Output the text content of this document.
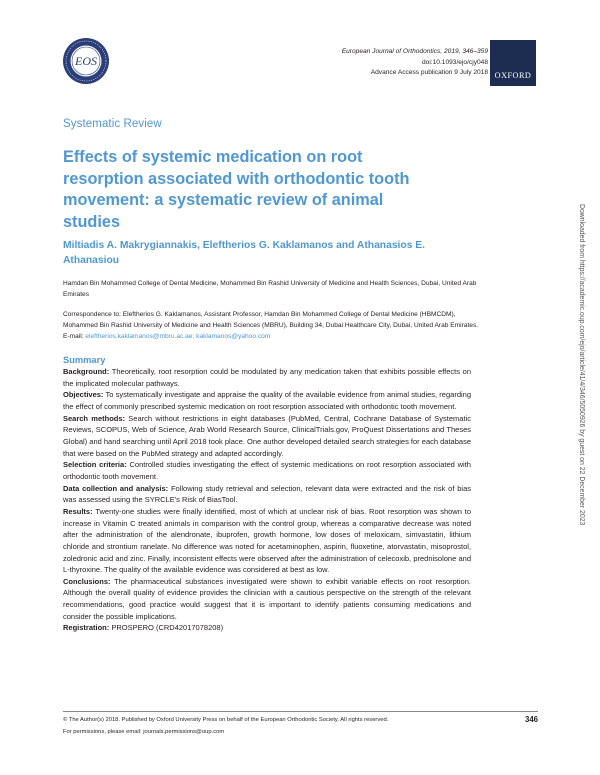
EOS
European Journal of Orthodontics, 2019, 346–359
doi:10.1093/ejo/cjy048
Advance Access publication 9 July 2018 OXFORD
Systematic Review
Effects of systemic medication on root resorption associated with orthodontic tooth movement: a systematic review of animal studies

Miltiadis A. Makrygiannakis, Eleftherios G. Kaklamanos and Athanasios E. Athanasiou

Hamdan Bin Mohammed College of Dental Medicine, Mohammed Bin Rashid University of Medicine and Health Sciences, Dubai, United Arab Emirates

Correspondence to: Eleftherios G. Kaklamanos, Assistant Professor, Hamdan Bin Mohammed College of Dental Medicine (HBMCDM), Mohammed Bin Rashid University of Medicine and Health Sciences (MBRU), Building 34, Dubai Healthcare City, Dubai, United Arab Emirates. E-mail: eleftherios.kaklamanos@mbru.ac.ae; kaklamanos@yahoo.com

Summary

Background: Theoretically, root resorption could be modulated by any medication taken that exhibits possible effects on the implicated molecular pathways.

Objectives: To systematically investigate and appraise the quality of the available evidence from animal studies, regarding the effect of commonly prescribed systemic medication on root resorption associated with orthodontic tooth movement.

Search methods: Search without restrictions in eight databases (PubMed, Central, Cochrane Database of Systematic Reviews, SCOPUS, Web of Science, Arab World Research Source, ClinicalTrials.gov, ProQuest Dissertations and Theses Global) and hand searching until April 2018 took place. One author developed detailed search strategies for each database that were based on the PubMed strategy and adapted accordingly.

Selection criteria: Controlled studies investigating the effect of systemic medications on root resorption associated with orthodontic tooth movement.

Data collection and analysis: Following study retrieval and selection, relevant data were extracted and the risk of bias was assessed using the SYRCLE's Risk of BiasTool.

Results: Twenty-one studies were finally identified, most of which at unclear risk of bias. Root resorption was shown to increase in Vitamin C treated animals in comparison with the control group, whereas a comparative decrease was noted after the administration of the alendronate, ibuprofen, growth hormone, low doses of meloxicam, simvastatin, lithium chloride and strontium ranelate. No difference was noted for acetaminophen, aspirin, fluoxetine, atorvastatin, misoprostol, zoledronic acid and zinc. Finally, inconsistent effects were observed after the administration of celecoxib, prednisolone and L-thyroxine. The quality of the available evidence was considered at best as low.

Conclusions: The pharmaceutical substances investigated were shown to exhibit variable effects on root resorption. Although the overall quality of evidence provides the clinician with a cautious perspective on the strength of the relevant recommendations, good practice would suggest that it is important to identify patients consuming medications and consider the possible implications.

Registration: PROSPERO (CRD42017078208)

© The Author(s) 2018. Published by Oxford University Press on behalf of the European Orthodontic Society. All rights reserved.
For permissions, please email: journals.permissions@oup.com
346
Downloaded from https://academic.oup.com/ejo/article/41/4/346/5050926 by guest on 22 December 2023
